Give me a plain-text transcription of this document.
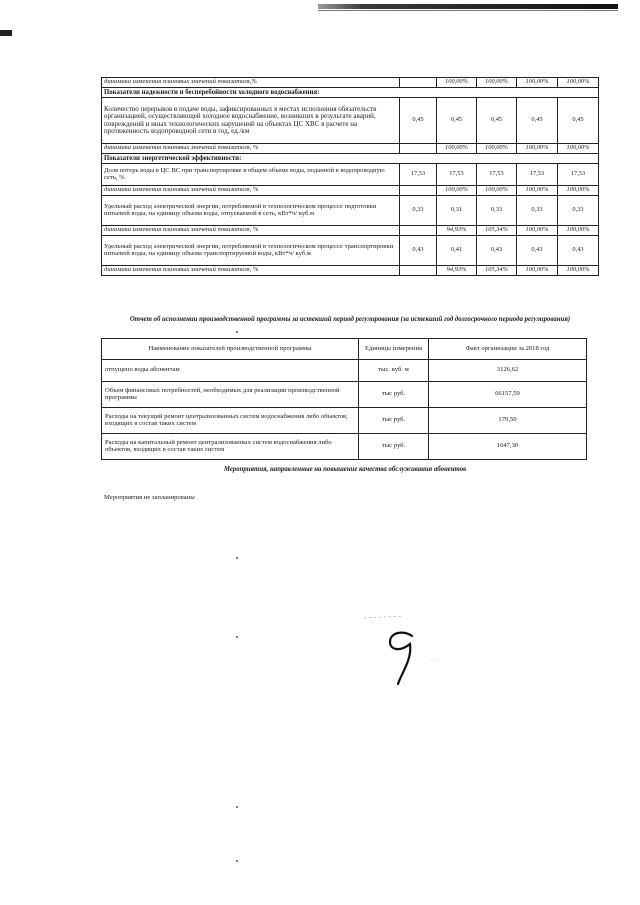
динамика изменения плановых значений показателя,%		100,00%	100,00%	100,00%	100,00%
Показатели надежности и бесперебойности холодного водоснабжения:					
Количество перерывов в подаче воды, зафиксированных в местах исполнения обязательств организацией, осуществляющей холодное водоснабжение, возникших в результате аварий, повреждений и иных технологических нарушений на объектах ЦС ХВС в расчете на протяженность водопроводной сети в год, ед./км	0,45	0,45	0,45	0,45	0,45
динамика изменения плановых значений показателя, %		100,00%	100,00%	100,00%	100,00%
Показатели энергетической эффективности:					
Доля потерь воды в ЦС ВС при транспортировке в общем объеме воды, поданной в водопроводную сеть, %	17,53	17,53	17,53	17,53	17,53
динамика изменения плановых значений показателя, %		100,00%	100,00%	100,00%	100,00%
Удельный расход электрической энергии, потребляемой в технологическом процессе подготовки питьевой воды, на единицу объема воды, отпускаемой в сеть, кВт*ч/ куб.м	0,33	0,31	0,33	0,33	0,33
динамика изменения плановых значений показателя, %		94,93%	105,34%	100,00%	100,00%
Удельный расход электрической энергии, потребляемой в технологическом процессе транспортировки питьевой воды, на единицу объема транспортируемой воды, кВт*ч/ куб.м	0,43	0,41	0,43	0,43	0,43
динамика изменения плановых значений показателя, %		94,93%	105,34%	100,00%	100,00%
Отчет об исполнении производственной программы за истекший период регулирования (за истекший год долгосрочного периода регулирования)
Наименование показателей производственной программы	Единицы измерения	Факт организации за 2018 год
отпущено воды абонентам	тыс. куб. м	3126,62
Объем финансовых потребностей, необходимых для реализации производственной программы	тыс руб.	66157,59
Расходы на текущий ремонт централизованных систем водоснабжения либо объектов, входящих в состав таких систем	тыс руб.	179,50
Расходы на капитальный ремонт централизованных систем водоснабжения либо объектов, входящих в состав таких систем	тыс руб.	1647,30
Мероприятия, направленные на повышение качества обслуживания абонентов
Мероприятия не запланированы
